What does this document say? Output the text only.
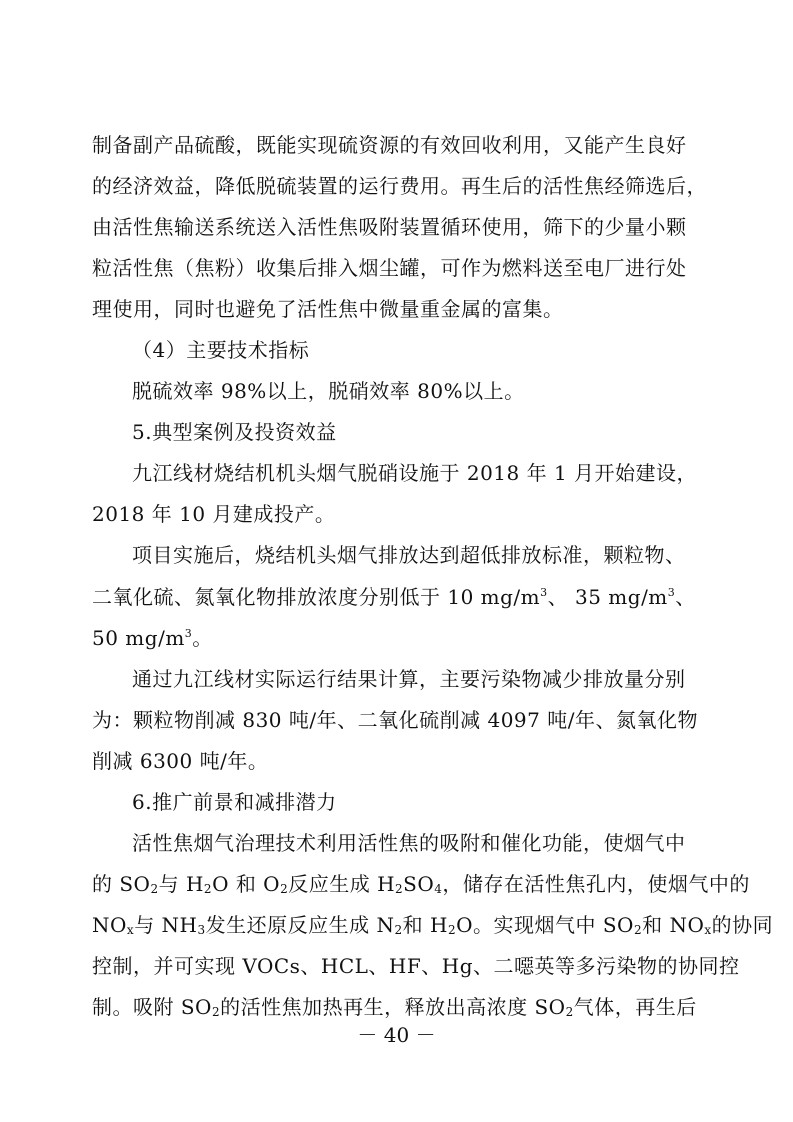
制备副产品硫酸，既能实现硫资源的有效回收利用，又能产生良好
的经济效益，降低脱硫装置的运行费用。再生后的活性焦经筛选后，
由活性焦输送系统送入活性焦吸附装置循环使用，筛下的少量小颗
粒活性焦（焦粉）收集后排入烟尘罐，可作为燃料送至电厂进行处
理使用，同时也避免了活性焦中微量重金属的富集。
（4）主要技术指标
脱硫效率 98%以上，脱硝效率 80%以上。
5.典型案例及投资效益
九江线材烧结机机头烟气脱硝设施于 2018 年 1 月开始建设，
2018 年 10 月建成投产。
项目实施后，烧结机头烟气排放达到超低排放标准，颗粒物、
二氧化硫、氮氧化物排放浓度分别低于 10 $mg/m^3$、 35 $mg/m^3$、
50 $mg/m^3$。
通过九江线材实际运行结果计算，主要污染物减少排放量分别
为：颗粒物削减 830 吨/年、二氧化硫削减 4097 吨/年、氮氧化物
削减 6300 吨/年。
6.推广前景和减排潜力
活性焦烟气治理技术利用活性焦的吸附和催化功能，使烟气中
的 $SO_2$与 $H_2O$ 和 $O_2$反应生成 $H_2SO_4$，储存在活性焦孔内，使烟气中的
$NO_x$与 $NH_3$发生还原反应生成 $N_2$和 $H_2O$。实现烟气中 $SO_2$和 $NO_x$的协同
控制，并可实现 VOCs、HCL、HF、Hg、二噁英等多污染物的协同控
制。吸附 $SO_2$的活性焦加热再生，释放出高浓度 $SO_2$气体，再生后
－ 40 －
